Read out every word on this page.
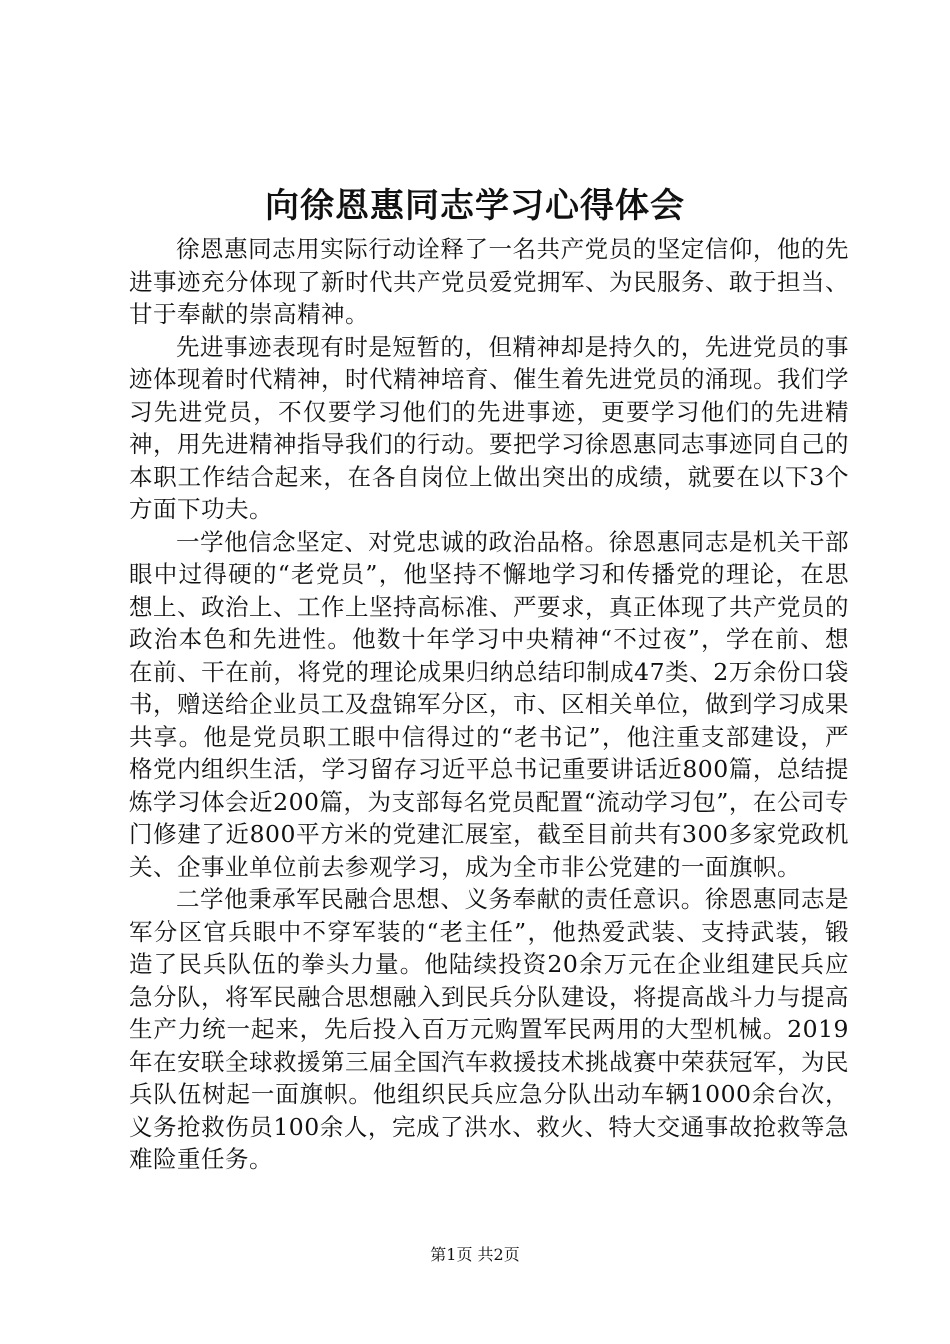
向徐恩惠同志学习心得体会

徐恩惠同志用实际行动诠释了一名共产党员的坚定信仰，他的先进事迹充分体现了新时代共产党员爱党拥军、为民服务、敢于担当、甘于奉献的崇高精神。

先进事迹表现有时是短暂的，但精神却是持久的，先进党员的事迹体现着时代精神，时代精神培育、催生着先进党员的涌现。我们学习先进党员，不仅要学习他们的先进事迹，更要学习他们的先进精神，用先进精神指导我们的行动。要把学习徐恩惠同志事迹同自己的本职工作结合起来，在各自岗位上做出突出的成绩，就要在以下3个方面下功夫。

一学他信念坚定、对党忠诚的政治品格。徐恩惠同志是机关干部眼中过得硬的“老党员”，他坚持不懈地学习和传播党的理论，在思想上、政治上、工作上坚持高标准、严要求，真正体现了共产党员的政治本色和先进性。他数十年学习中央精神“不过夜”，学在前、想在前、干在前，将党的理论成果归纳总结印制成47类、2万余份口袋书，赠送给企业员工及盘锦军分区，市、区相关单位，做到学习成果共享。他是党员职工眼中信得过的“老书记”，他注重支部建设，严格党内组织生活，学习留存习近平总书记重要讲话近800篇，总结提炼学习体会近200篇，为支部每名党员配置“流动学习包”，在公司专门修建了近800平方米的党建汇展室，截至目前共有300多家党政机关、企事业单位前去参观学习，成为全市非公党建的一面旗帜。

二学他秉承军民融合思想、义务奉献的责任意识。徐恩惠同志是军分区官兵眼中不穿军装的“老主任”，他热爱武装、支持武装，锻造了民兵队伍的拳头力量。他陆续投资20余万元在企业组建民兵应急分队，将军民融合思想融入到民兵分队建设，将提高战斗力与提高生产力统一起来，先后投入百万元购置军民两用的大型机械。2019年在安联全球救援第三届全国汽车救援技术挑战赛中荣获冠军，为民兵队伍树起一面旗帜。他组织民兵应急分队出动车辆1000余台次，义务抢救伤员100余人，完成了洪水、救火、特大交通事故抢救等急难险重任务。

第1页 共2页
